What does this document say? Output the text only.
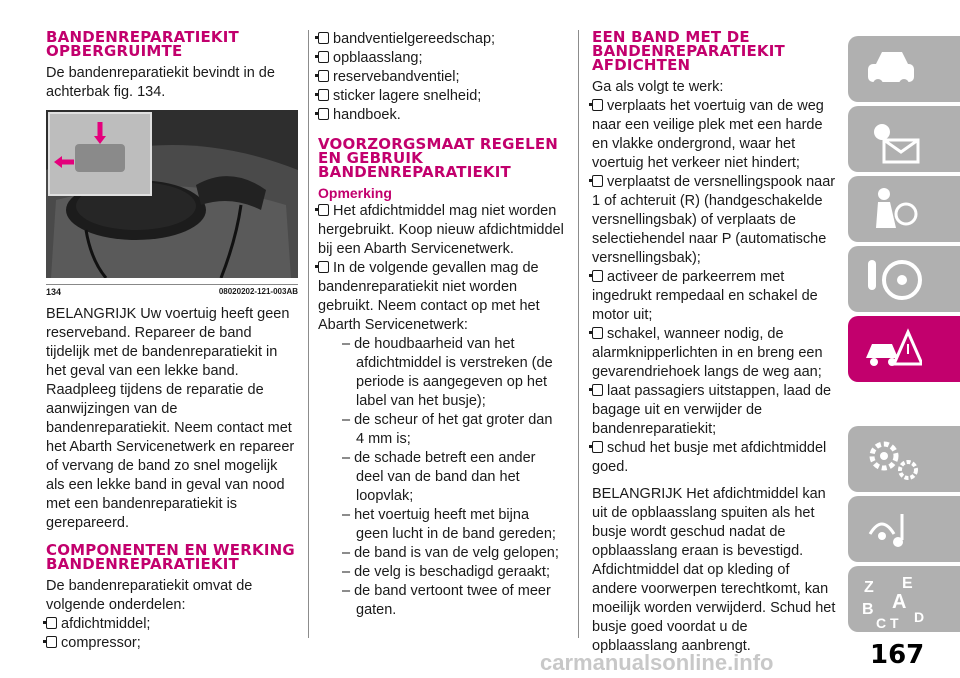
BANDENREPARATIEKIT OPBERGRUIMTE

De bandenreparatiekit bevindt in de achterbak fig. 134.

134	08020202-121-003AB

BELANGRIJK Uw voertuig heeft geen reserveband. Repareer de band tijdelijk met de bandenreparatiekit in het geval van een lekke band. Raadpleeg tijdens de reparatie de aanwijzingen van de bandenreparatiekit. Neem contact met het Abarth Servicenetwerk en repareer of vervang de band zo snel mogelijk als een lekke band in geval van nood met een bandenreparatiekit is gerepareerd.

COMPONENTEN EN WERKING BANDENREPARATIEKIT

De bandenreparatiekit omvat de volgende onderdelen:

afdichtmiddel;
compressor;
bandventielgereedschap;
opblaasslang;
reservebandventiel;
sticker lagere snelheid;
handboek.
VOORZORGSMAAT REGELEN EN GEBRUIK BANDENREPARATIEKIT
Opmerking
Het afdichtmiddel mag niet worden hergebruikt. Koop nieuw afdichtmiddel bij een Abarth Servicenetwerk.
In de volgende gevallen mag de bandenreparatiekit niet worden gebruikt. Neem contact op met het Abarth Servicenetwerk:
– de houdbaarheid van het afdichtmiddel is verstreken (de periode is aangegeven op het label van het busje);
– de scheur of het gat groter dan 4 mm is;
– de schade betreft een ander deel van de band dan het loopvlak;
– het voertuig heeft met bijna geen lucht in de band gereden;
– de band is van de velg gelopen;
– de velg is beschadigd geraakt;
– de band vertoont twee of meer gaten.
EEN BAND MET DE BANDENREPARATIEKIT AFDICHTEN

Ga als volgt te werk:

verplaats het voertuig van de weg naar een veilige plek met een harde en vlakke ondergrond, waar het voertuig het verkeer niet hindert;
verplaatst de versnellingspook naar 1 of achteruit (R) (handgeschakelde versnellingsbak) of verplaats de selectiehendel naar P (automatische versnellingsbak);
activeer de parkeerrem met ingedrukt rempedaal en schakel de motor uit;
schakel, wanneer nodig, de alarmknipperlichten in en breng een gevarendriehoek langs de weg aan;
laat passagiers uitstappen, laad de bagage uit en verwijder de bandenreparatiekit;
schud het busje met afdichtmiddel goed.

BELANGRIJK Het afdichtmiddel kan uit de opblaasslang spuiten als het busje wordt geschud nadat de opblaasslang eraan is bevestigd. Afdichtmiddel dat op kleding of andere voorwerpen terechtkomt, kan moeilijk worden verwijderd. Schud het busje goed voordat u de opblaasslang aanbrengt.

Z E
B A
C T D
carmanualsonline.info	167
